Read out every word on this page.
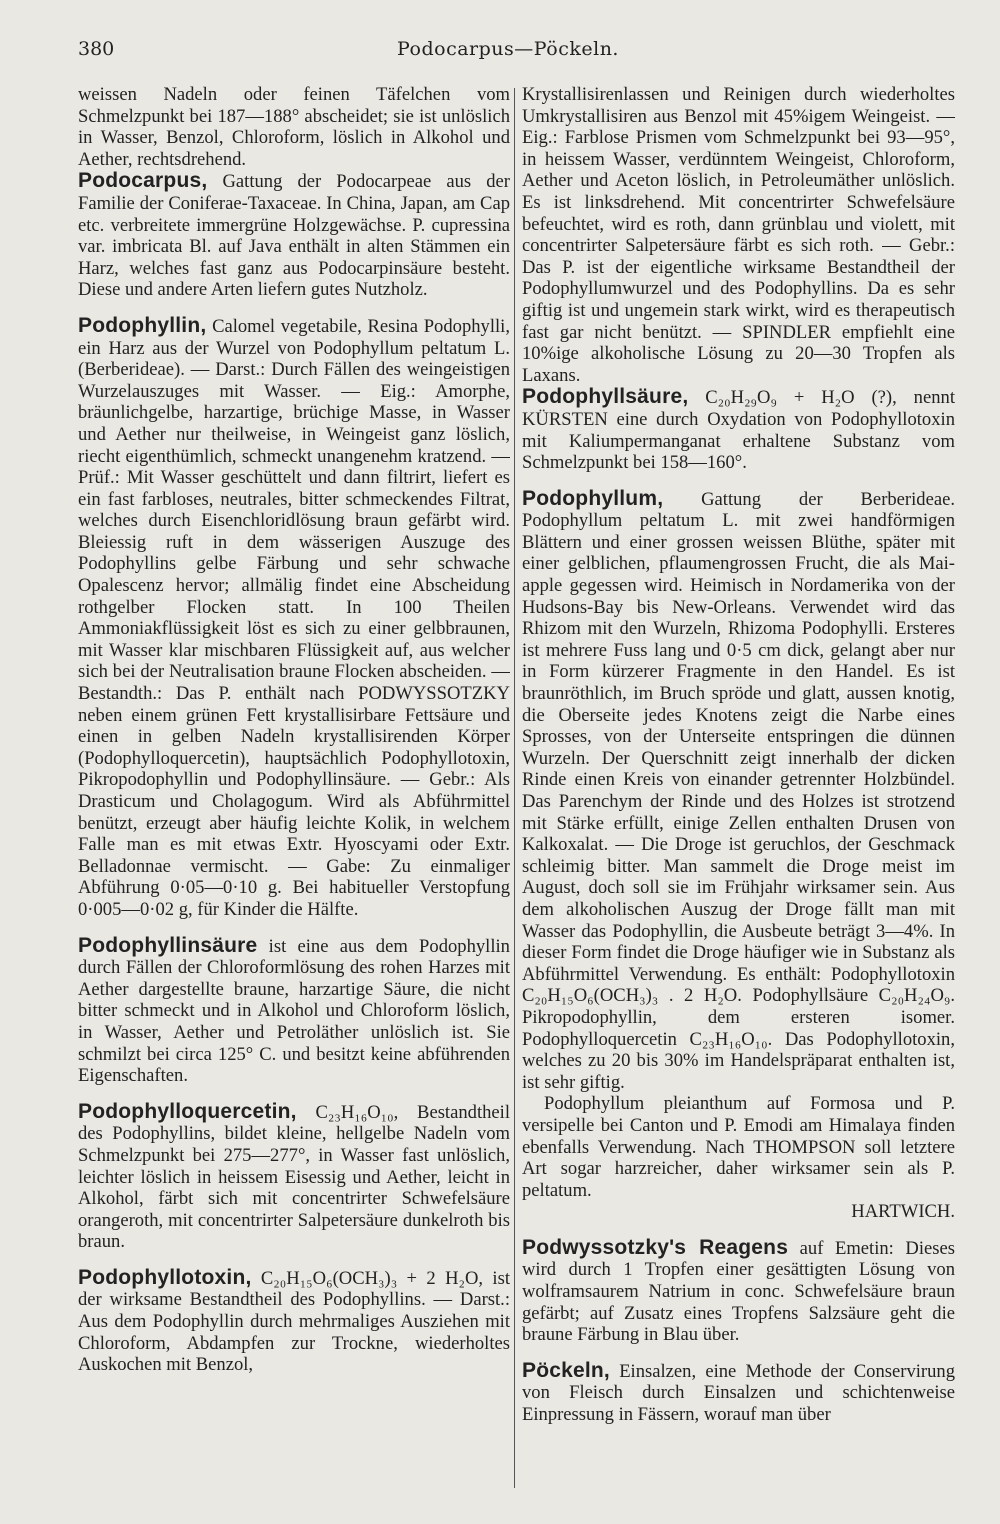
380	Podocarpus—Pöckeln.

weissen Nadeln oder feinen Täfelchen vom Schmelzpunkt bei 187—188° abscheidet; sie ist unlöslich in Wasser, Benzol, Chloroform, löslich in Alkohol und Aether, rechtsdrehend.

Podocarpus, Gattung der Podocarpeae aus der Familie der Coniferae-Taxaceae. In China, Japan, am Cap etc. verbreitete immergrüne Holzgewächse. P. cupressina var. imbricata Bl. auf Java enthält in alten Stämmen ein Harz, welches fast ganz aus Podocarpinsäure besteht. Diese und andere Arten liefern gutes Nutzholz.

Podophyllin, Calomel vegetabile, Resina Podophylli, ein Harz aus der Wurzel von Podophyllum peltatum L. (Berberideae). — Darst.: Durch Fällen des weingeistigen Wurzelauszuges mit Wasser. — Eig.: Amorphe, bräunlichgelbe, harzartige, brüchige Masse, in Wasser und Aether nur theilweise, in Weingeist ganz löslich, riecht eigenthümlich, schmeckt unangenehm kratzend. — Prüf.: Mit Wasser geschüttelt und dann filtrirt, liefert es ein fast farbloses, neutrales, bitter schmeckendes Filtrat, welches durch Eisenchloridlösung braun gefärbt wird. Bleiessig ruft in dem wässerigen Auszuge des Podophyllins gelbe Färbung und sehr schwache Opalescenz hervor; allmälig findet eine Abscheidung rothgelber Flocken statt. In 100 Theilen Ammoniakflüssigkeit löst es sich zu einer gelbbraunen, mit Wasser klar mischbaren Flüssigkeit auf, aus welcher sich bei der Neutralisation braune Flocken abscheiden. — Bestandth.: Das P. enthält nach PODWYSSOTZKY neben einem grünen Fett krystallisirbare Fettsäure und einen in gelben Nadeln krystallisirenden Körper (Podophylloquercetin), hauptsächlich Podophyllotoxin, Pikropodophyllin und Podophyllinsäure. — Gebr.: Als Drasticum und Cholagogum. Wird als Abführmittel benützt, erzeugt aber häufig leichte Kolik, in welchem Falle man es mit etwas Extr. Hyoscyami oder Extr. Belladonnae vermischt. — Gabe: Zu einmaliger Abführung 0·05—0·10 g. Bei habitueller Verstopfung 0·005—0·02 g, für Kinder die Hälfte.

Podophyllinsäure ist eine aus dem Podophyllin durch Fällen der Chloroformlösung des rohen Harzes mit Aether dargestellte braune, harzartige Säure, die nicht bitter schmeckt und in Alkohol und Chloroform löslich, in Wasser, Aether und Petroläther unlöslich ist. Sie schmilzt bei circa 125° C. und besitzt keine abführenden Eigenschaften.

Podophylloquercetin, C₂₃H₁₆O₁₀, Bestandtheil des Podophyllins, bildet kleine, hellgelbe Nadeln vom Schmelzpunkt bei 275—277°, in Wasser fast unlöslich, leichter löslich in heissem Eisessig und Aether, leicht in Alkohol, färbt sich mit concentrirter Schwefelsäure orangeroth, mit concentrirter Salpetersäure dunkelroth bis braun.

Podophyllotoxin, C₂₀H₁₅O₆(OCH₃)₃ + 2 H₂O, ist der wirksame Bestandtheil des Podophyllins. — Darst.: Aus dem Podophyllin durch mehrmaliges Ausziehen mit Chloroform, Abdampfen zur Trockne, wiederholtes Auskochen mit Benzol,

Krystallisirenlassen und Reinigen durch wiederholtes Umkrystallisiren aus Benzol mit 45%igem Weingeist. — Eig.: Farblose Prismen vom Schmelzpunkt bei 93—95°, in heissem Wasser, verdünntem Weingeist, Chloroform, Aether und Aceton löslich, in Petroleumäther unlöslich. Es ist linksdrehend. Mit concentrirter Schwefelsäure befeuchtet, wird es roth, dann grünblau und violett, mit concentrirter Salpetersäure färbt es sich roth. — Gebr.: Das P. ist der eigentliche wirksame Bestandtheil der Podophyllumwurzel und des Podophyllins. Da es sehr giftig ist und ungemein stark wirkt, wird es therapeutisch fast gar nicht benützt. — SPINDLER empfiehlt eine 10%ige alkoholische Lösung zu 20—30 Tropfen als Laxans.

Podophyllsäure, C₂₀H₂₉O₉ + H₂O (?), nennt KÜRSTEN eine durch Oxydation von Podophyllotoxin mit Kaliumpermanganat erhaltene Substanz vom Schmelzpunkt bei 158—160°.

Podophyllum, Gattung der Berberideae. Podophyllum peltatum L. mit zwei handförmigen Blättern und einer grossen weissen Blüthe, später mit einer gelblichen, pflaumengrossen Frucht, die als Mai-apple gegessen wird. Heimisch in Nordamerika von der Hudsons-Bay bis New-Orleans. Verwendet wird das Rhizom mit den Wurzeln, Rhizoma Podophylli. Ersteres ist mehrere Fuss lang und 0·5 cm dick, gelangt aber nur in Form kürzerer Fragmente in den Handel. Es ist braunröthlich, im Bruch spröde und glatt, aussen knotig, die Oberseite jedes Knotens zeigt die Narbe eines Sprosses, von der Unterseite entspringen die dünnen Wurzeln. Der Querschnitt zeigt innerhalb der dicken Rinde einen Kreis von einander getrennter Holzbündel. Das Parenchym der Rinde und des Holzes ist strotzend mit Stärke erfüllt, einige Zellen enthalten Drusen von Kalkoxalat. — Die Droge ist geruchlos, der Geschmack schleimig bitter. Man sammelt die Droge meist im August, doch soll sie im Frühjahr wirksamer sein. Aus dem alkoholischen Auszug der Droge fällt man mit Wasser das Podophyllin, die Ausbeute beträgt 3—4%. In dieser Form findet die Droge häufiger wie in Substanz als Abführmittel Verwendung. Es enthält: Podophyllotoxin C₂₀H₁₅O₆(OCH₃)₃ . 2 H₂O. Podophyllsäure C₂₀H₂₄O₉. Pikropodophyllin, dem ersteren isomer. Podophylloquercetin C₂₃H₁₆O₁₀. Das Podophyllotoxin, welches zu 20 bis 30% im Handelspräparat enthalten ist, ist sehr giftig.

Podophyllum pleianthum auf Formosa und P. versipelle bei Canton und P. Emodi am Himalaya finden ebenfalls Verwendung. Nach THOMPSON soll letztere Art sogar harzreicher, daher wirksamer sein als P. peltatum.

HARTWICH.

Podwyssotzky's Reagens auf Emetin: Dieses wird durch 1 Tropfen einer gesättigten Lösung von wolframsaurem Natrium in conc. Schwefelsäure braun gefärbt; auf Zusatz eines Tropfens Salzsäure geht die braune Färbung in Blau über.

Pöckeln, Einsalzen, eine Methode der Conservirung von Fleisch durch Einsalzen und schichtenweise Einpressung in Fässern, worauf man über
